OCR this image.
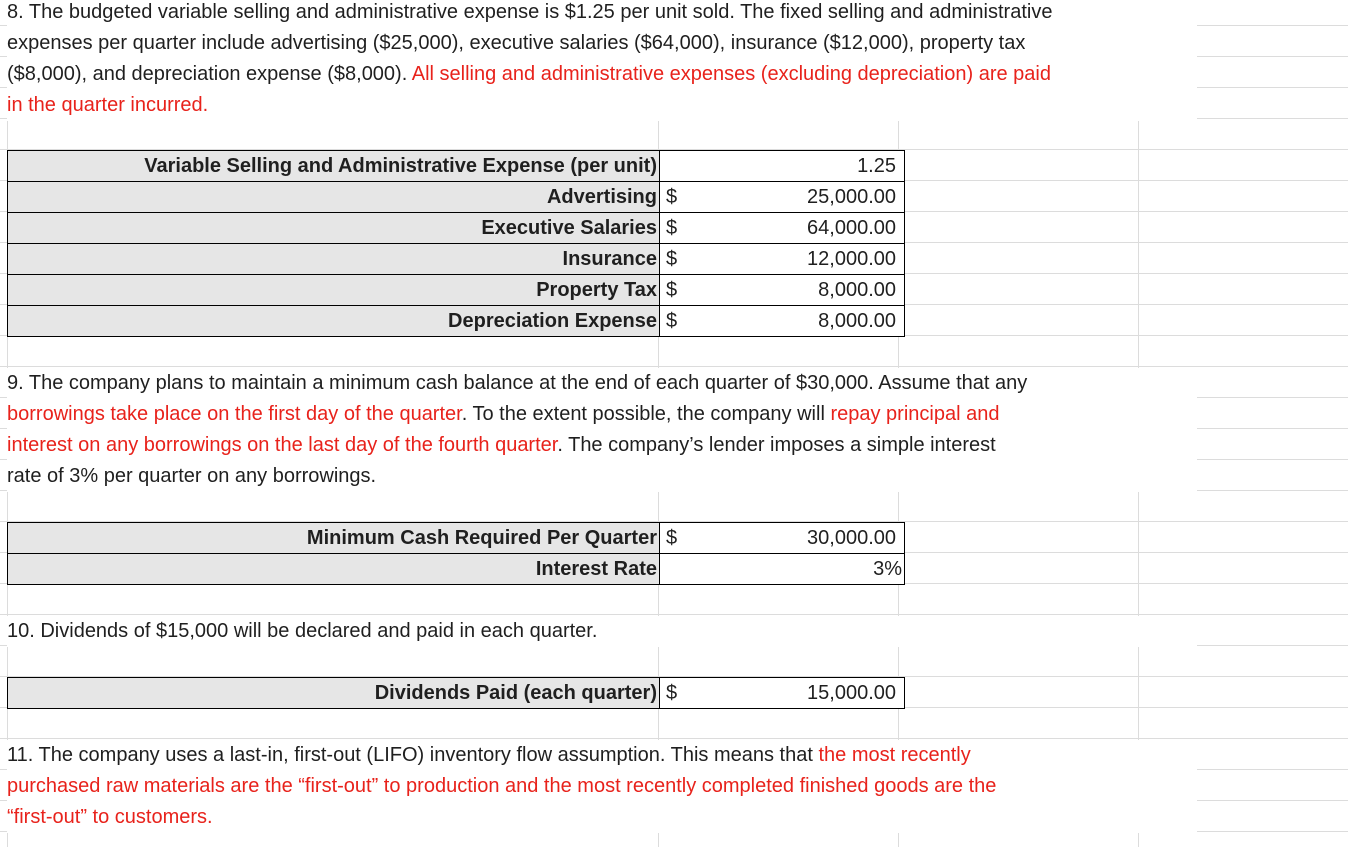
8. The budgeted variable selling and administrative expense is $1.25 per unit sold. The fixed selling and administrative
expenses per quarter include advertising ($25,000), executive salaries ($64,000), insurance ($12,000), property tax
($8,000), and depreciation expense ($8,000). All selling and administrative expenses (excluding depreciation) are paid
in the quarter incurred.
Variable Selling and Administrative Expense (per unit)	1.25
Advertising $	25,000.00
Executive Salaries $	64,000.00
Insurance $	12,000.00
Property Tax $	8,000.00
Depreciation Expense $	8,000.00
9. The company plans to maintain a minimum cash balance at the end of each quarter of $30,000. Assume that any
borrowings take place on the first day of the quarter. To the extent possible, the company will repay principal and
interest on any borrowings on the last day of the fourth quarter. The company’s lender imposes a simple interest
rate of 3% per quarter on any borrowings.
Minimum Cash Required Per Quarter $	30,000.00
Interest Rate	3%
10. Dividends of $15,000 will be declared and paid in each quarter.
Dividends Paid (each quarter) $	15,000.00
11. The company uses a last-in, first-out (LIFO) inventory flow assumption. This means that the most recently
purchased raw materials are the “first-out” to production and the most recently completed finished goods are the
“first-out” to customers.
